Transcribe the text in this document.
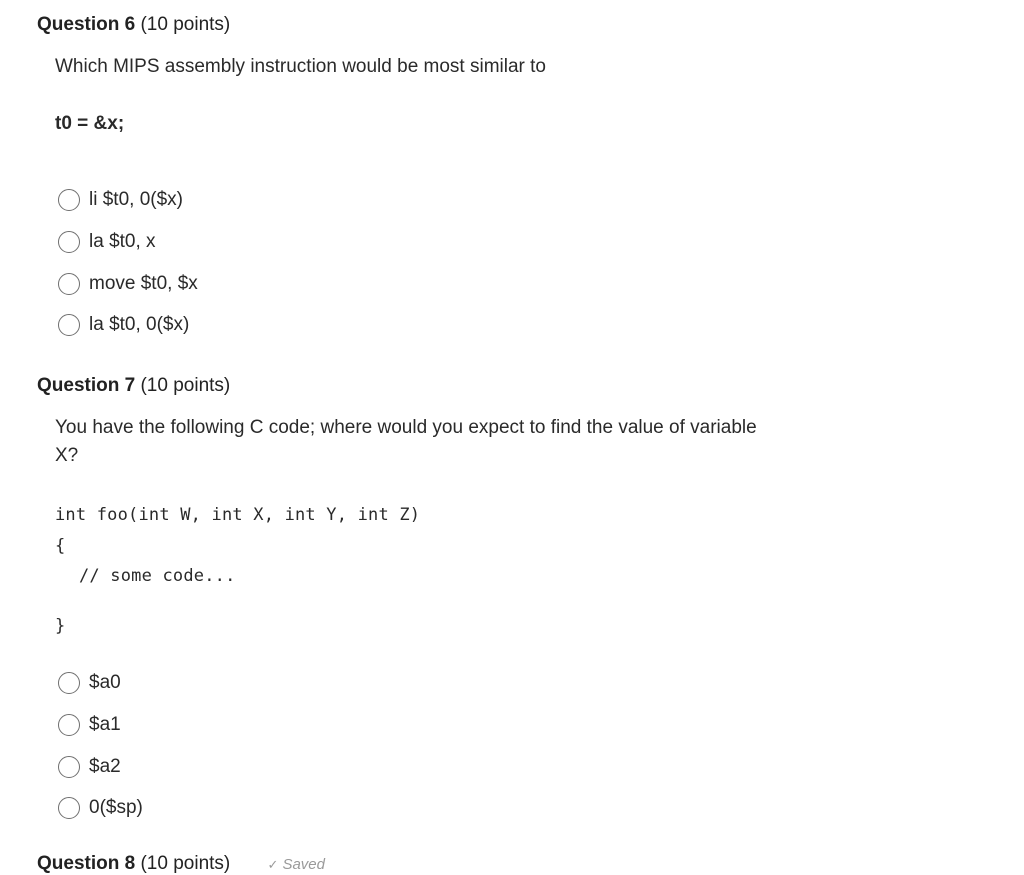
Question 6 (10 points)
Which MIPS assembly instruction would be most similar to
t0 = &x;
li $t0, 0($x)
la $t0, x
move $t0, $x
la $t0, 0($x)
Question 7 (10 points)
You have the following C code; where would you expect to find the value of variable
X?
int foo(int W, int X, int Y, int Z)
{
// some code...
}
$a0
$a1
$a2
0($sp)
Question 8 (10 points)	✓ Saved
